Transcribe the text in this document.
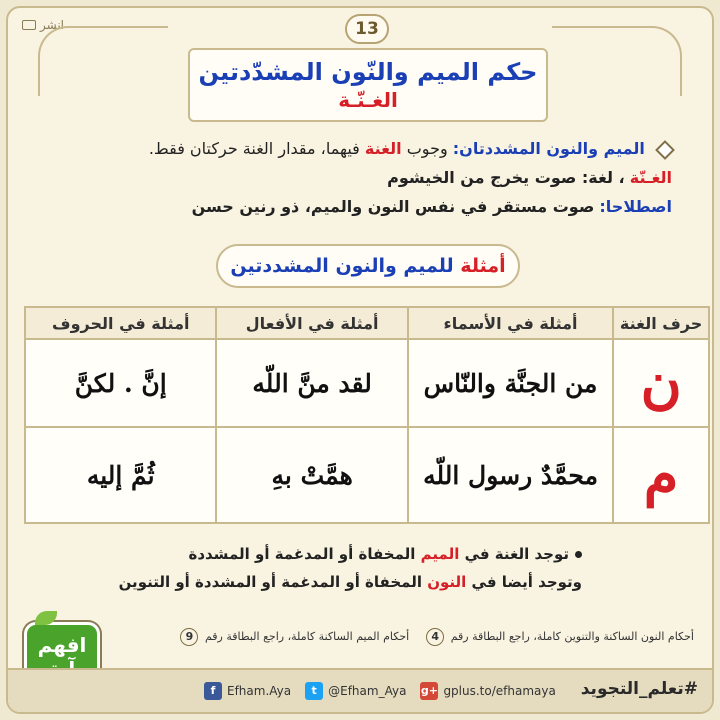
انشر	13
حكم الميم والنّون المشدّدتين
الغـنّـة
الميم والنون المشددتان: وجوب الغنة فيهما، مقدار الغنة حركتان فقط.
الغـنّة ، لغة: صوت يخرج من الخيشوم
اصطلاحا: صوت مستقر في نفس النون والميم، ذو رنين حسن
أمثلة للميم والنون المشددتين
حرف الغنة	أمثلة في الأسماء	أمثلة في الأفعال	أمثلة في الحروف
ن	من الجنَّة والنّاس	لقد منَّ اللّه	إنَّ . لكنَّ
م	محمَّدٌ رسول اللّه	همَّتْ بهِ	ثُمَّ إليه
توجد الغنة في الميم المخفاة أو المدغمة أو المشددة
وتوجد أيضا في النون المخفاة أو المدغمة أو المشددة أو التنوين
أحكام النون الساكنة والتنوين كاملة، راجع البطاقة رقم 4
أحكام الميم الساكنة كاملة، راجع البطاقة رقم 9
افهم
f Efham.Aya	t @Efham_Aya g+ gplus.to/efhamaya #تعلم_التجويد
